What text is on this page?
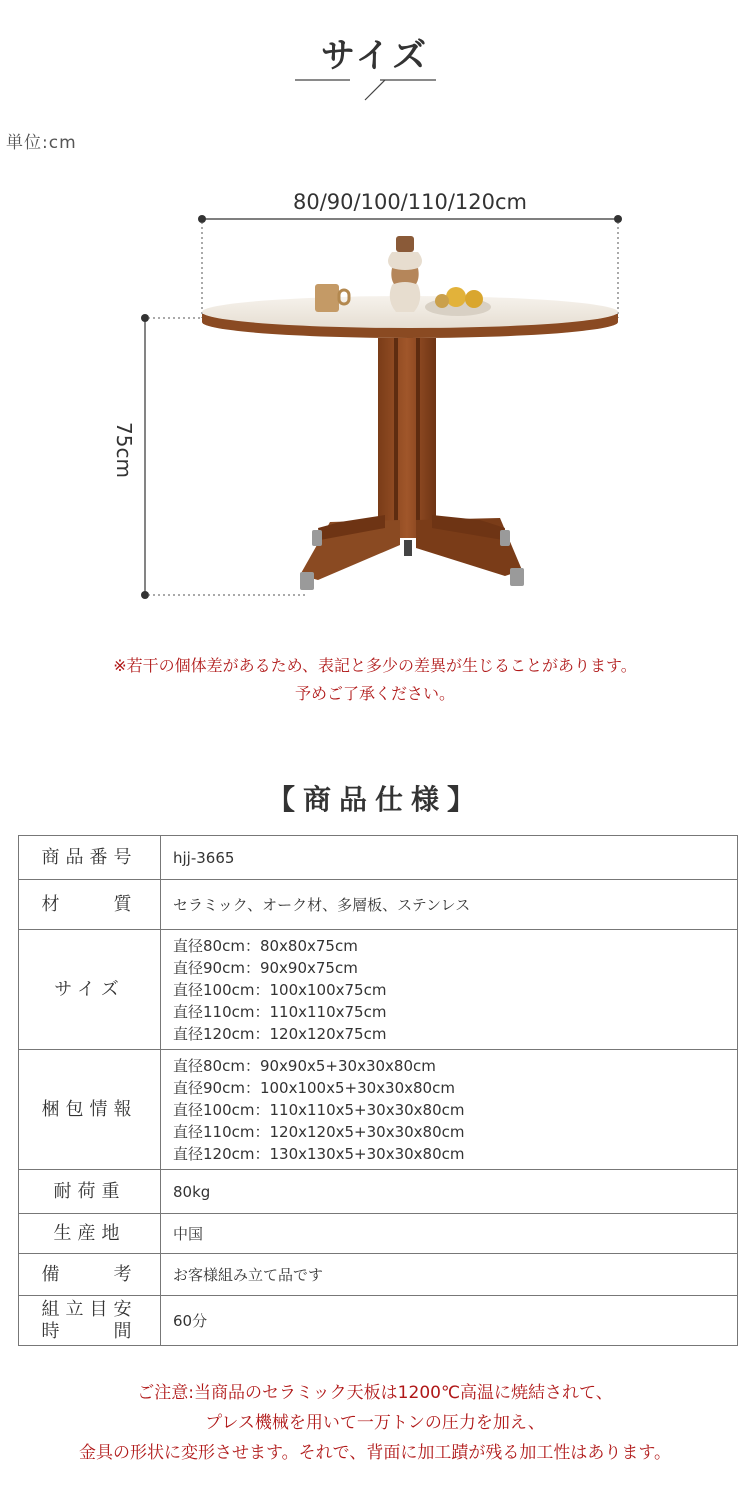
サイズ
単位:cm
80/90/100/110/120cm
75cm
※若干の個体差があるため、表記と多少の差異が生じることがあります。
予めご了承ください。
【商品仕様】
商品番号	hjj-3665

材　　質	セラミック、オーク材、多層板、ステンレス

サイズ	直径80cm：80x80x75cm
直径90cm：90x90x75cm
直径100cm：100x100x75cm
直径110cm：110x110x75cm
直径120cm：120x120x75cm

梱包情報	直径80cm：90x90x5+30x30x80cm
直径90cm：100x100x5+30x30x80cm
直径100cm：110x110x5+30x30x80cm
直径110cm：120x120x5+30x30x80cm
直径120cm：130x130x5+30x30x80cm

耐荷重	80kg

生産地	中国

備　　考	お客様組み立て品です

組立目安
時　　間	60分
ご注意:当商品のセラミック天板は1200℃高温に焼結されて、
プレス機械を用いて一万トンの圧力を加え、
金具の形状に変形させます。それで、背面に加工蹟が残る加工性はあります。
